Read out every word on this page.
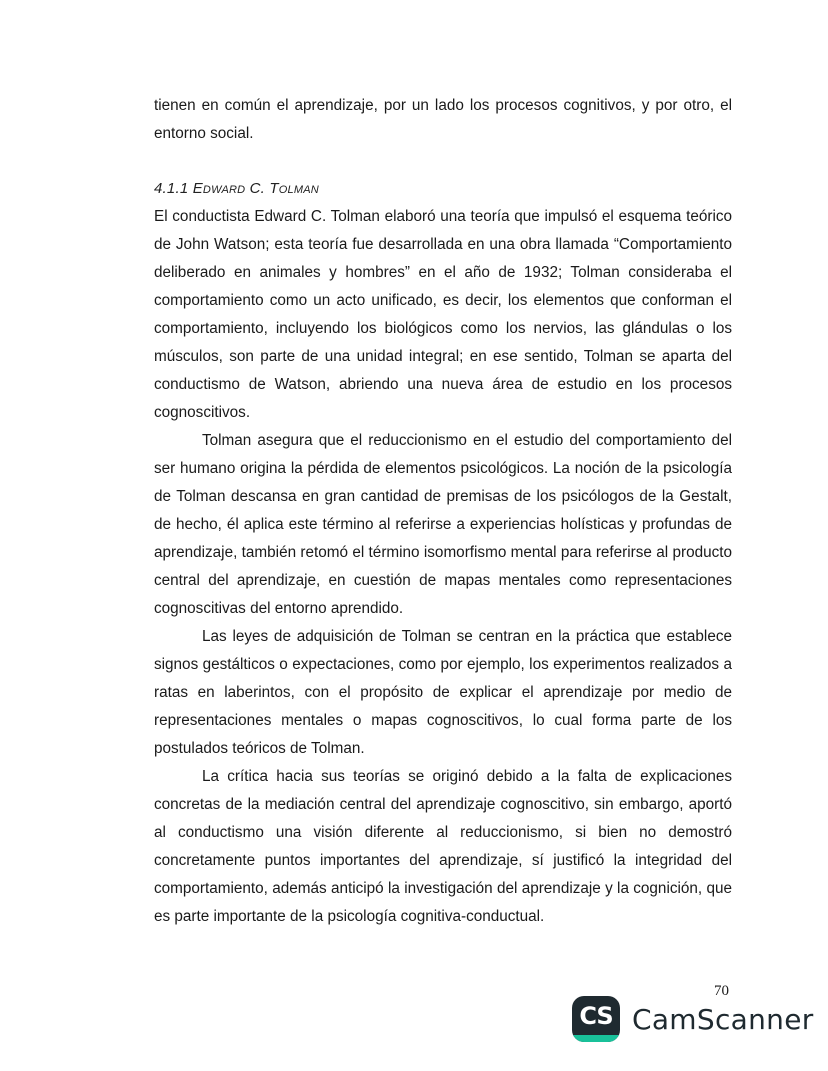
tienen en común el aprendizaje, por un lado los procesos cognitivos, y por otro, el entorno social.

4.1.1 Edward C. Tolman

El conductista Edward C. Tolman elaboró una teoría que impulsó el esquema teórico de John Watson; esta teoría fue desarrollada en una obra llamada “Comportamiento deliberado en animales y hombres” en el año de 1932; Tolman consideraba el comportamiento como un acto unificado, es decir, los elementos que conforman el comportamiento, incluyendo los biológicos como los nervios, las glándulas o los músculos, son parte de una unidad integral; en ese sentido, Tolman se aparta del conductismo de Watson, abriendo una nueva área de estudio en los procesos cognoscitivos.

Tolman asegura que el reduccionismo en el estudio del comportamiento del ser humano origina la pérdida de elementos psicológicos. La noción de la psicología de Tolman descansa en gran cantidad de premisas de los psicólogos de la Gestalt, de hecho, él aplica este término al referirse a experiencias holísticas y profundas de aprendizaje, también retomó el término isomorfismo mental para referirse al producto central del aprendizaje, en cuestión de mapas mentales como representaciones cognoscitivas del entorno aprendido.

Las leyes de adquisición de Tolman se centran en la práctica que establece signos gestálticos o expectaciones, como por ejemplo, los experimentos realizados a ratas en laberintos, con el propósito de explicar el aprendizaje por medio de representaciones mentales o mapas cognoscitivos, lo cual forma parte de los postulados teóricos de Tolman.

La crítica hacia sus teorías se originó debido a la falta de explicaciones concretas de la mediación central del aprendizaje cognoscitivo, sin embargo, aportó al conductismo una visión diferente al reduccionismo, si bien no demostró concretamente puntos importantes del aprendizaje, sí justificó la integridad del comportamiento, además anticipó la investigación del aprendizaje y la cognición, que es parte importante de la psicología cognitiva-conductual.

70
CS CamScanner
